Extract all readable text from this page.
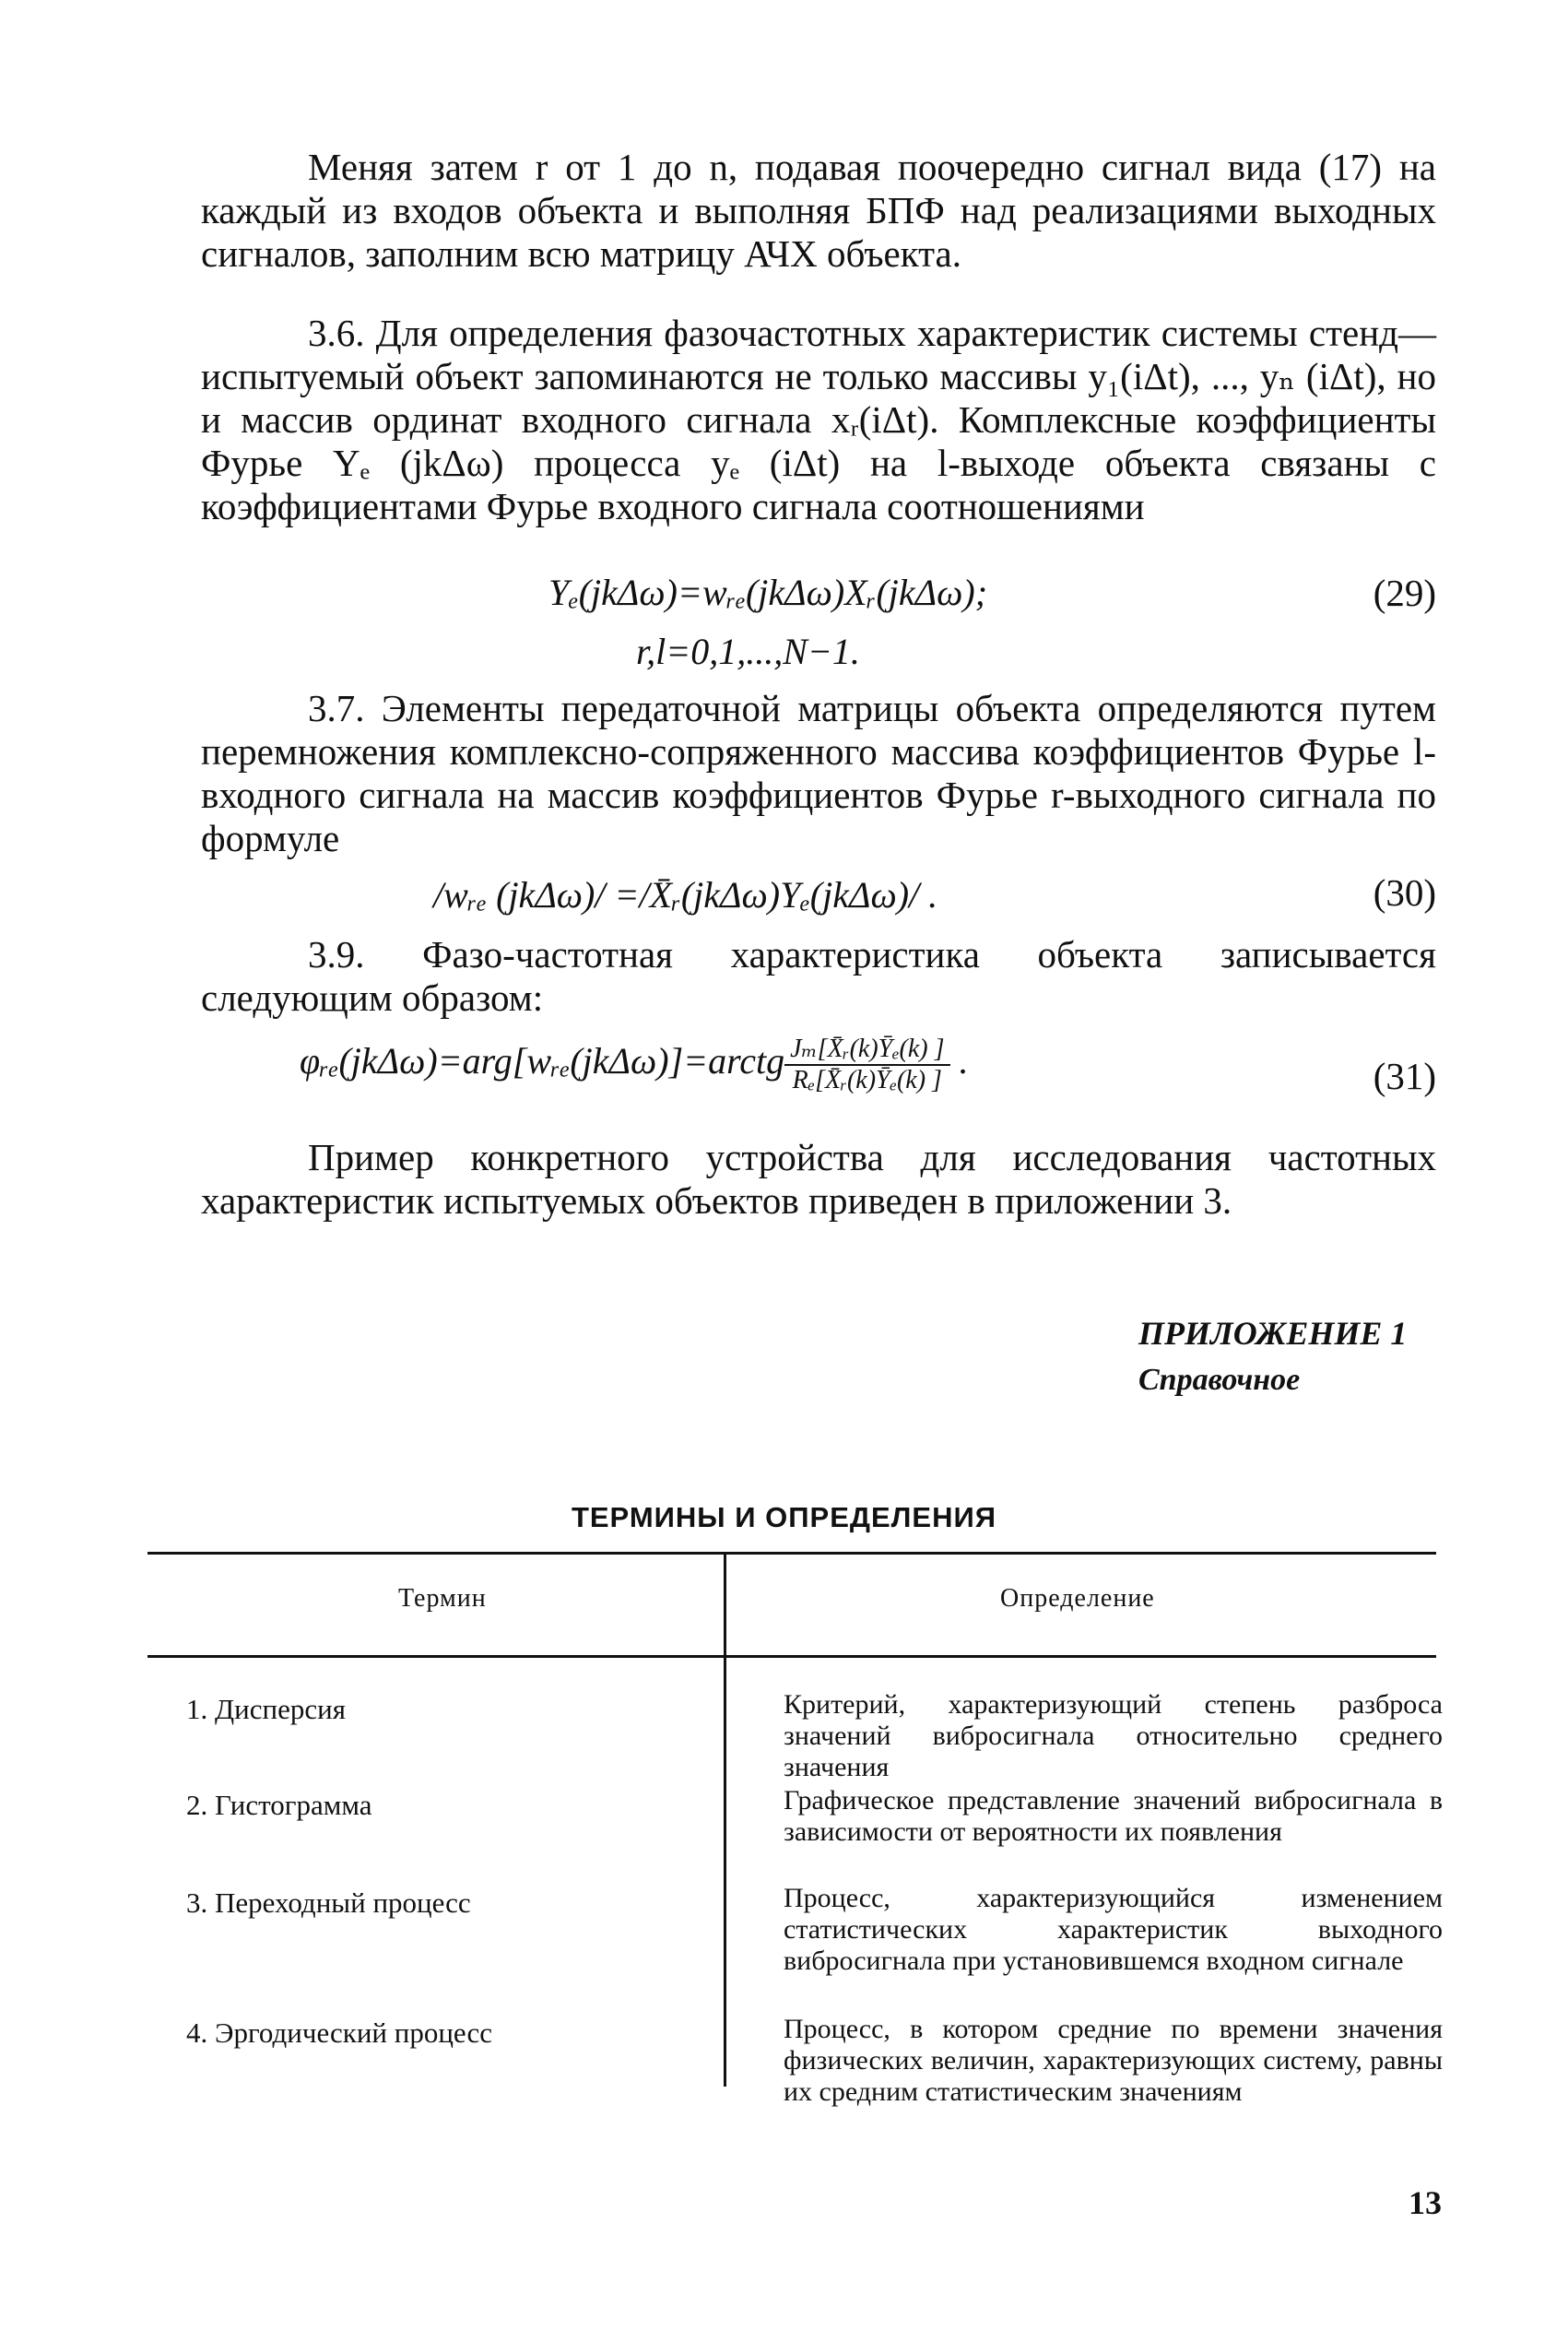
Меняя затем r от 1 до n, подавая поочередно сигнал вида (17) на каждый из входов объекта и выполняя БПФ над реализациями выходных сигналов, заполним всю матрицу АЧХ объекта.

3.6. Для определения фазочастотных характеристик системы стенд—испытуемый объект запоминаются не только массивы y₁(iΔt), ..., yₙ (iΔt), но и массив ординат входного сигнала xᵣ(iΔt). Комплексные коэффициенты Фурье Yₑ (jkΔω) процесса yₑ (iΔt) на l-выходе объекта связаны с коэффициентами Фурье входного сигнала соотношениями

Yₑ(jkΔω)=wᵣₑ(jkΔω)Xᵣ(jkΔω);	(29)
r,l=0,1,...,N−1.

3.7. Элементы передаточной матрицы объекта определяются путем перемножения комплексно-сопряженного массива коэффициентов Фурье l-входного сигнала на массив коэффициентов Фурье r-выходного сигнала по формуле

/wᵣₑ (jkΔω)/ =/X̄ᵣ(jkΔω)Yₑ(jkΔω)/ .	(30)

3.9. Фазо-частотная характеристика объекта записывается следующим образом:

φᵣₑ(jkΔω)=arg[wᵣₑ(jkΔω)]=arctg $\frac{\text{Jₘ[X̄ᵣ(k)Ȳₑ(k) ]}}{\text{Rₑ[X̄ᵣ(k)Ȳₑ(k) ]}}$ .	(31)

Пример конкретного устройства для исследования частотных характеристик испытуемых объектов приведен в приложении 3.

ПРИЛОЖЕНИЕ 1
Справочное
ТЕРМИНЫ И ОПРЕДЕЛЕНИЯ
Термин	Определение
1. Дисперсия	Критерий, характеризующий степень разброса значений вибросигнала относительно среднего значения
2. Гистограмма	Графическое представление значений вибросигнала в зависимости от вероятности их появления
3. Переходный процесс	Процесс, характеризующийся изменением статистических характеристик выходного вибросигнала при установившемся входном сигнале
4. Эргодический процесс	Процесс, в котором средние по времени значения физических величин, характеризующих систему, равны их средним статистическим значениям
13
